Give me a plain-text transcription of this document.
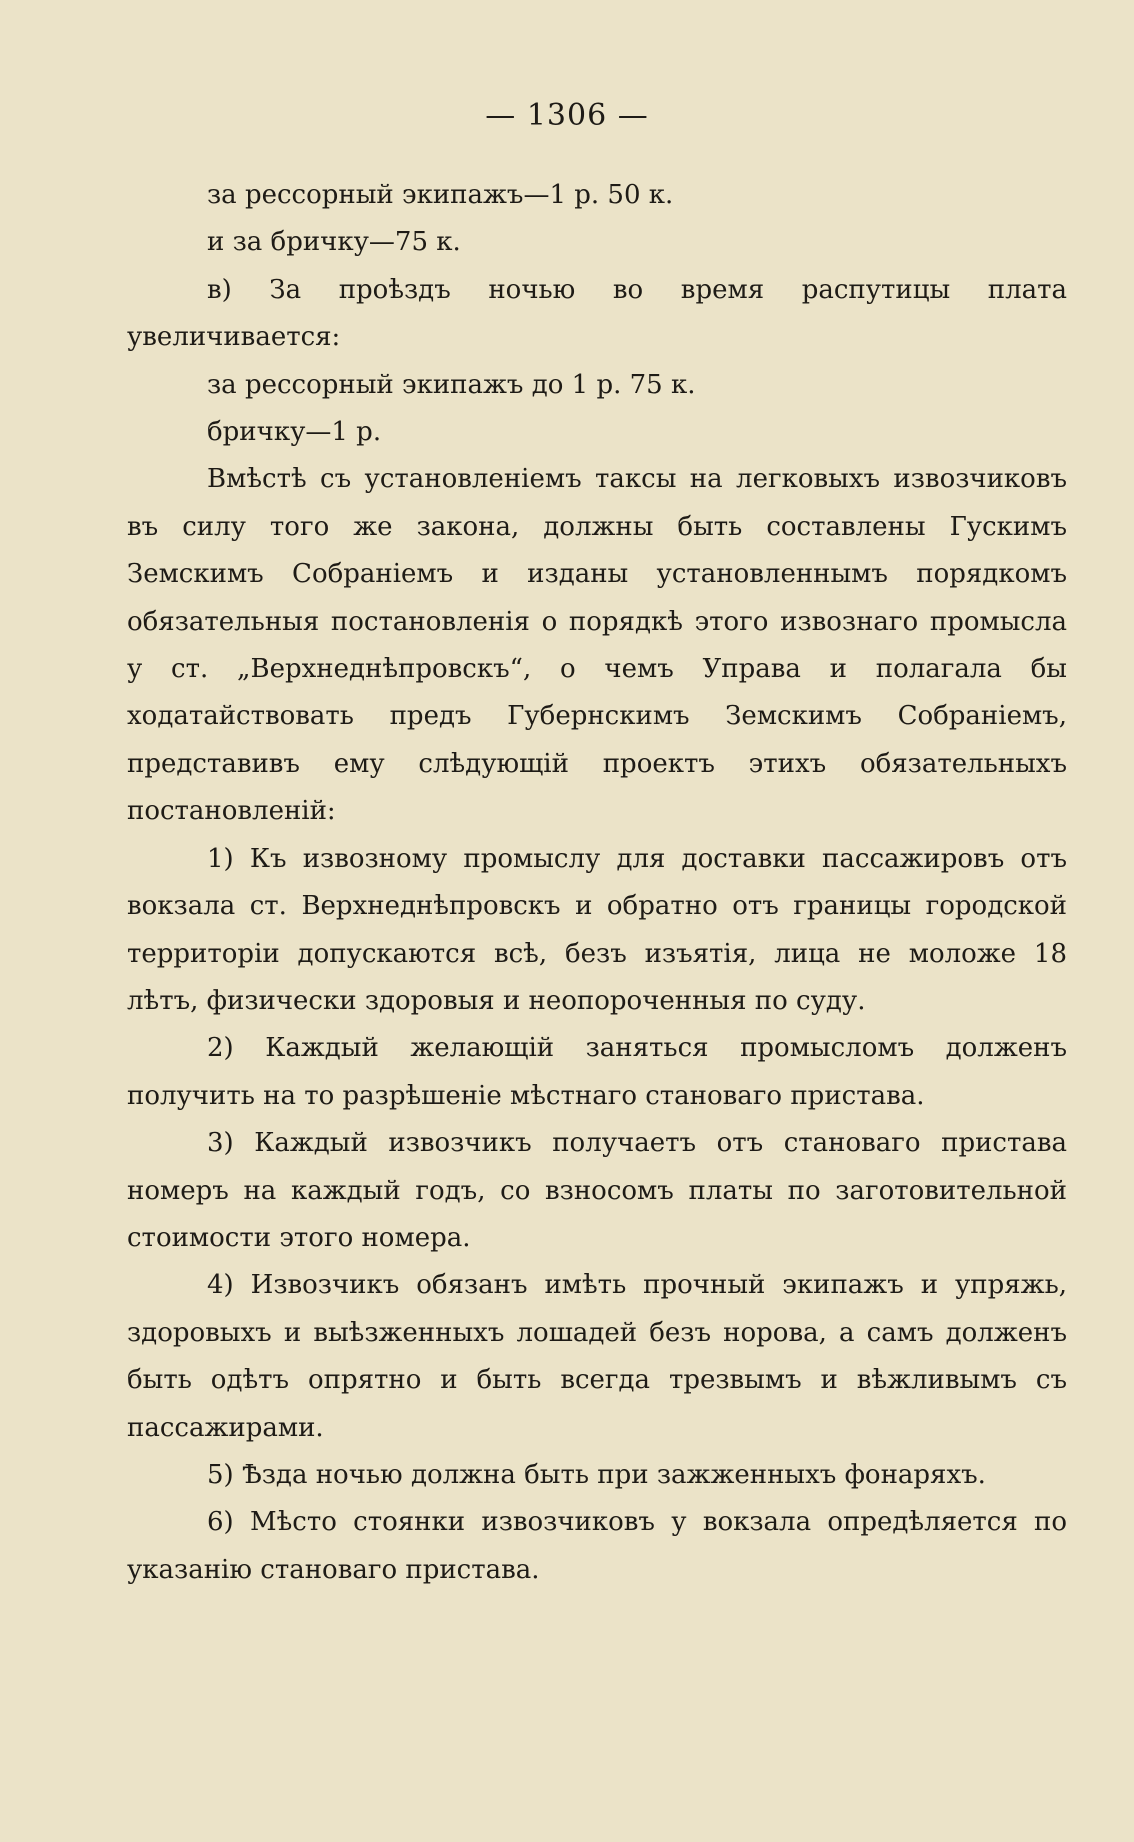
— 1306 —

за рессорный экипажъ—1 р. 50 к.

и за бричку—75 к.

в) За проѣздъ ночью во время распутицы плата увеличивается:

за рессорный экипажъ до 1 р. 75 к.

бричку—1 р.

Вмѣстѣ съ установленіемъ таксы на легковыхъ извозчиковъ въ силу того же закона, должны быть составлены Гускимъ Земскимъ Собраніемъ и изданы установленнымъ порядкомъ обязательныя постановленія о порядкѣ этого извознаго промысла у ст. „Верхнеднѣпровскъ“, о чемъ Управа и полагала бы ходатайствовать предъ Губернскимъ Земскимъ Собраніемъ, представивъ ему слѣдующій проектъ этихъ обязательныхъ постановленій:

1) Къ извозному промыслу для доставки пассажировъ отъ вокзала ст. Верхнеднѣпровскъ и обратно отъ границы городской территоріи допускаются всѣ, безъ изъятія, лица не моложе 18 лѣтъ, физически здоровыя и неопороченныя по суду.

2) Каждый желающій заняться промысломъ долженъ получить на то разрѣшеніе мѣстнаго становаго пристава.

3) Каждый извозчикъ получаетъ отъ становаго пристава номеръ на каждый годъ, со взносомъ платы по заготовительной стоимости этого номера.

4) Извозчикъ обязанъ имѣть прочный экипажъ и упряжь, здоровыхъ и выѣзженныхъ лошадей безъ норова, а самъ долженъ быть одѣтъ опрятно и быть всегда трезвымъ и вѣжливымъ съ пассажирами.

5) Ѣзда ночью должна быть при зажженныхъ фонаряхъ.

6) Мѣсто стоянки извозчиковъ у вокзала опредѣляется по указанію становаго пристава.
